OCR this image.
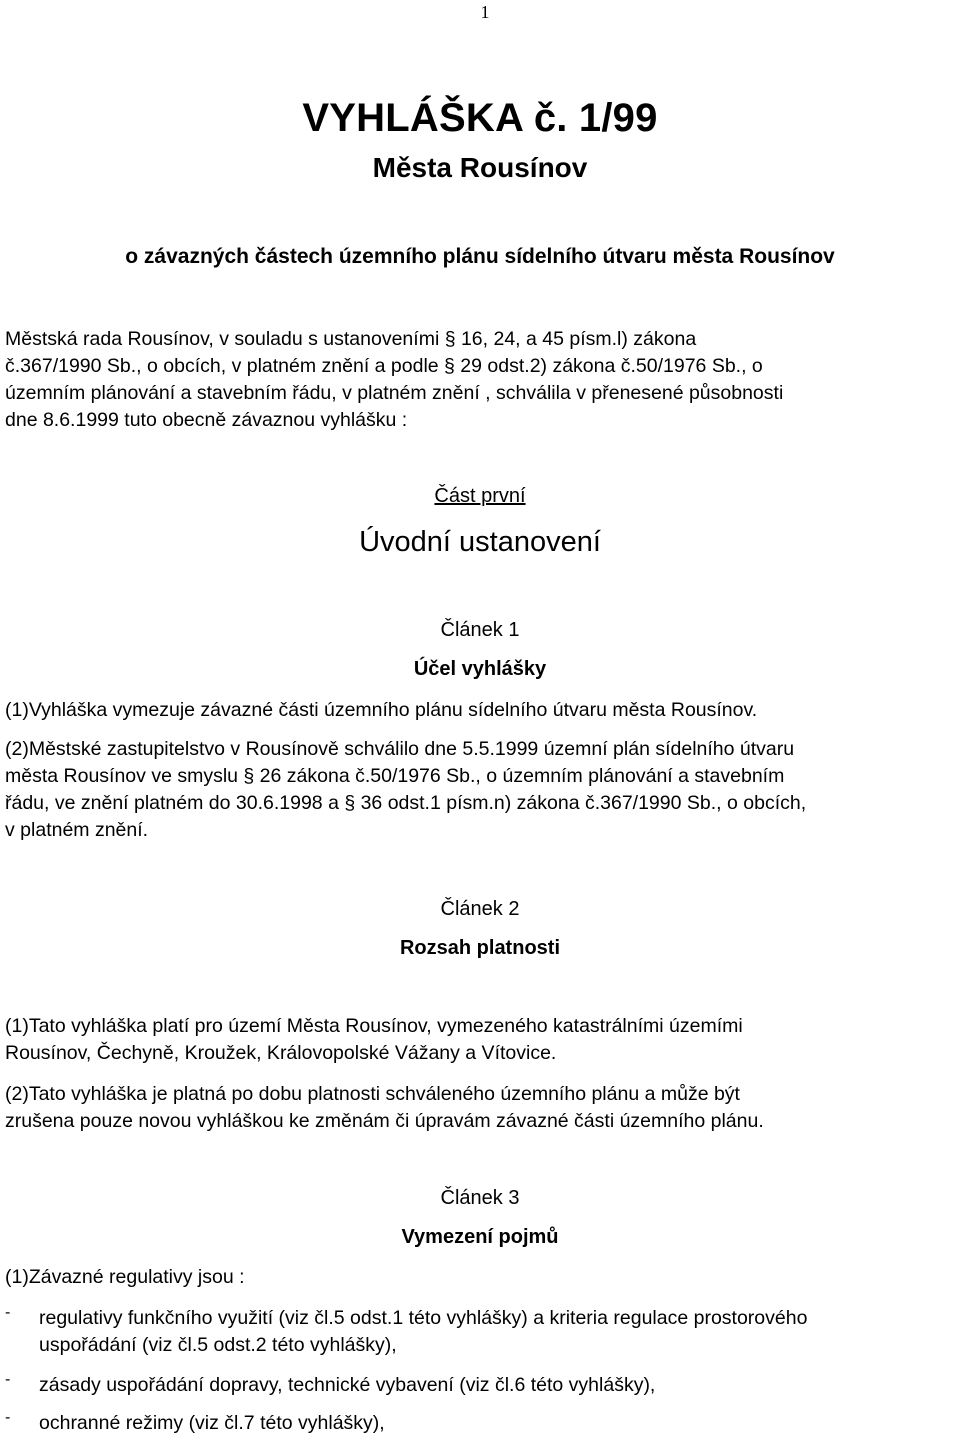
1
VYHLÁŠKA č. 1/99
Města Rousínov
o závazných částech územního plánu sídelního útvaru města Rousínov
Městská rada Rousínov, v souladu s ustanoveními § 16, 24, a 45 písm.l) zákona
č.367/1990 Sb., o obcích, v platném znění a podle § 29 odst.2) zákona č.50/1976 Sb., o
územním plánování a stavebním řádu, v platném znění , schválila v přenesené působnosti
dne 8.6.1999 tuto obecně závaznou vyhlášku :
Část první
Úvodní ustanovení
Článek 1
Účel vyhlášky
(1)Vyhláška vymezuje závazné části územního plánu sídelního útvaru města Rousínov.
(2)Městské zastupitelstvo v Rousínově schválilo dne 5.5.1999 územní plán sídelního útvaru
města Rousínov ve smyslu § 26 zákona č.50/1976 Sb., o územním plánování a stavebním
řádu, ve znění platném do 30.6.1998 a § 36 odst.1 písm.n) zákona č.367/1990 Sb., o obcích,
v platném znění.
Článek 2
Rozsah platnosti
(1)Tato vyhláška platí pro území Města Rousínov, vymezeného katastrálními územími
Rousínov, Čechyně, Kroužek, Královopolské Vážany a Vítovice.
(2)Tato vyhláška je platná po dobu platnosti schváleného územního plánu a může být
zrušena pouze novou vyhláškou ke změnám či úpravám závazné části územního plánu.
Článek 3
Vymezení pojmů
(1)Závazné regulativy jsou :
- regulativy funkčního využití (viz čl.5 odst.1 této vyhlášky) a kriteria regulace prostorového
uspořádání (viz čl.5 odst.2 této vyhlášky),
- zásady uspořádání dopravy, technické vybavení (viz čl.6 této vyhlášky),
- ochranné režimy (viz čl.7 této vyhlášky),
